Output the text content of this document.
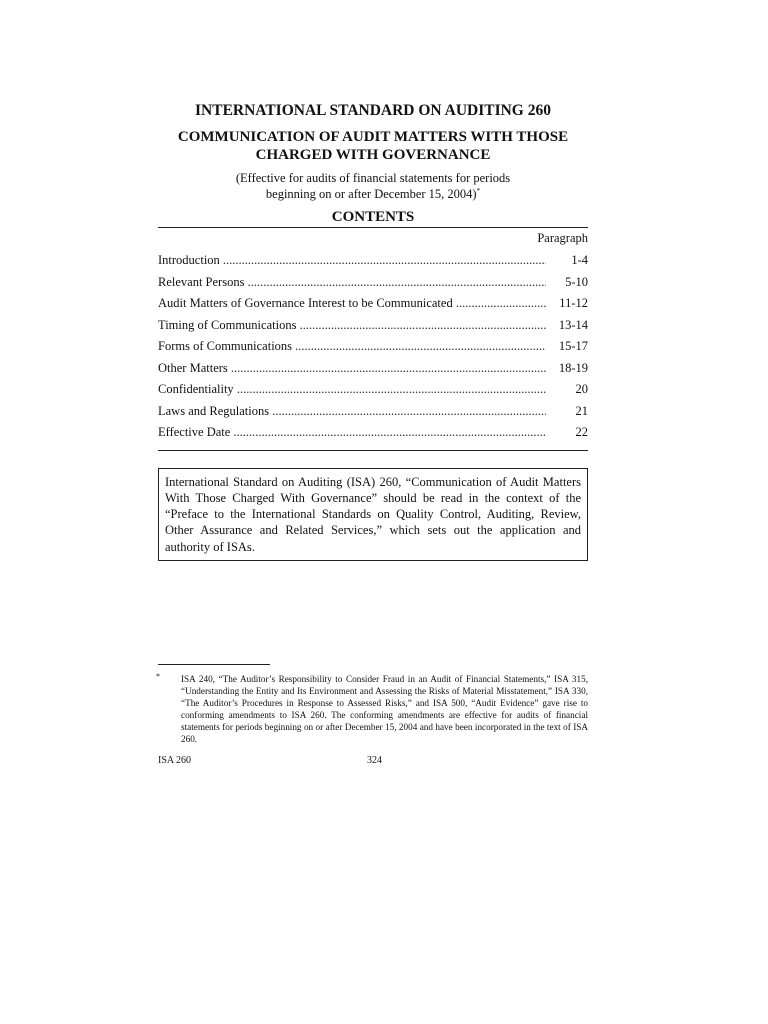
INTERNATIONAL STANDARD ON AUDITING 260
COMMUNICATION OF AUDIT MATTERS WITH THOSE
CHARGED WITH GOVERNANCE
(Effective for audits of financial statements for periods
beginning on or after December 15, 2004)*
CONTENTS
Paragraph
Introduction .....	1-4
Relevant Persons .....	5-10
Audit Matters of Governance Interest to be Communicated .....	11-12
Timing of Communications .....	13-14
Forms of Communications .....	15-17
Other Matters .....	18-19
Confidentiality .....	20
Laws and Regulations .....	21
Effective Date .....	22
International Standard on Auditing (ISA) 260, “Communication of Audit Matters With Those Charged With Governance” should be read in the context of the “Preface to the International Standards on Quality Control, Auditing, Review, Other Assurance and Related Services,” which sets out the application and authority of ISAs.
* ISA 240, “The Auditor’s Responsibility to Consider Fraud in an Audit of Financial Statements,” ISA 315, “Understanding the Entity and Its Environment and Assessing the Risks of Material Misstatement,” ISA 330, “The Auditor’s Procedures in Response to Assessed Risks,” and ISA 500, “Audit Evidence” gave rise to conforming amendments to ISA 260. The conforming amendments are effective for audits of financial statements for periods beginning on or after December 15, 2004 and have been incorporated in the text of ISA 260.
ISA 260	324
